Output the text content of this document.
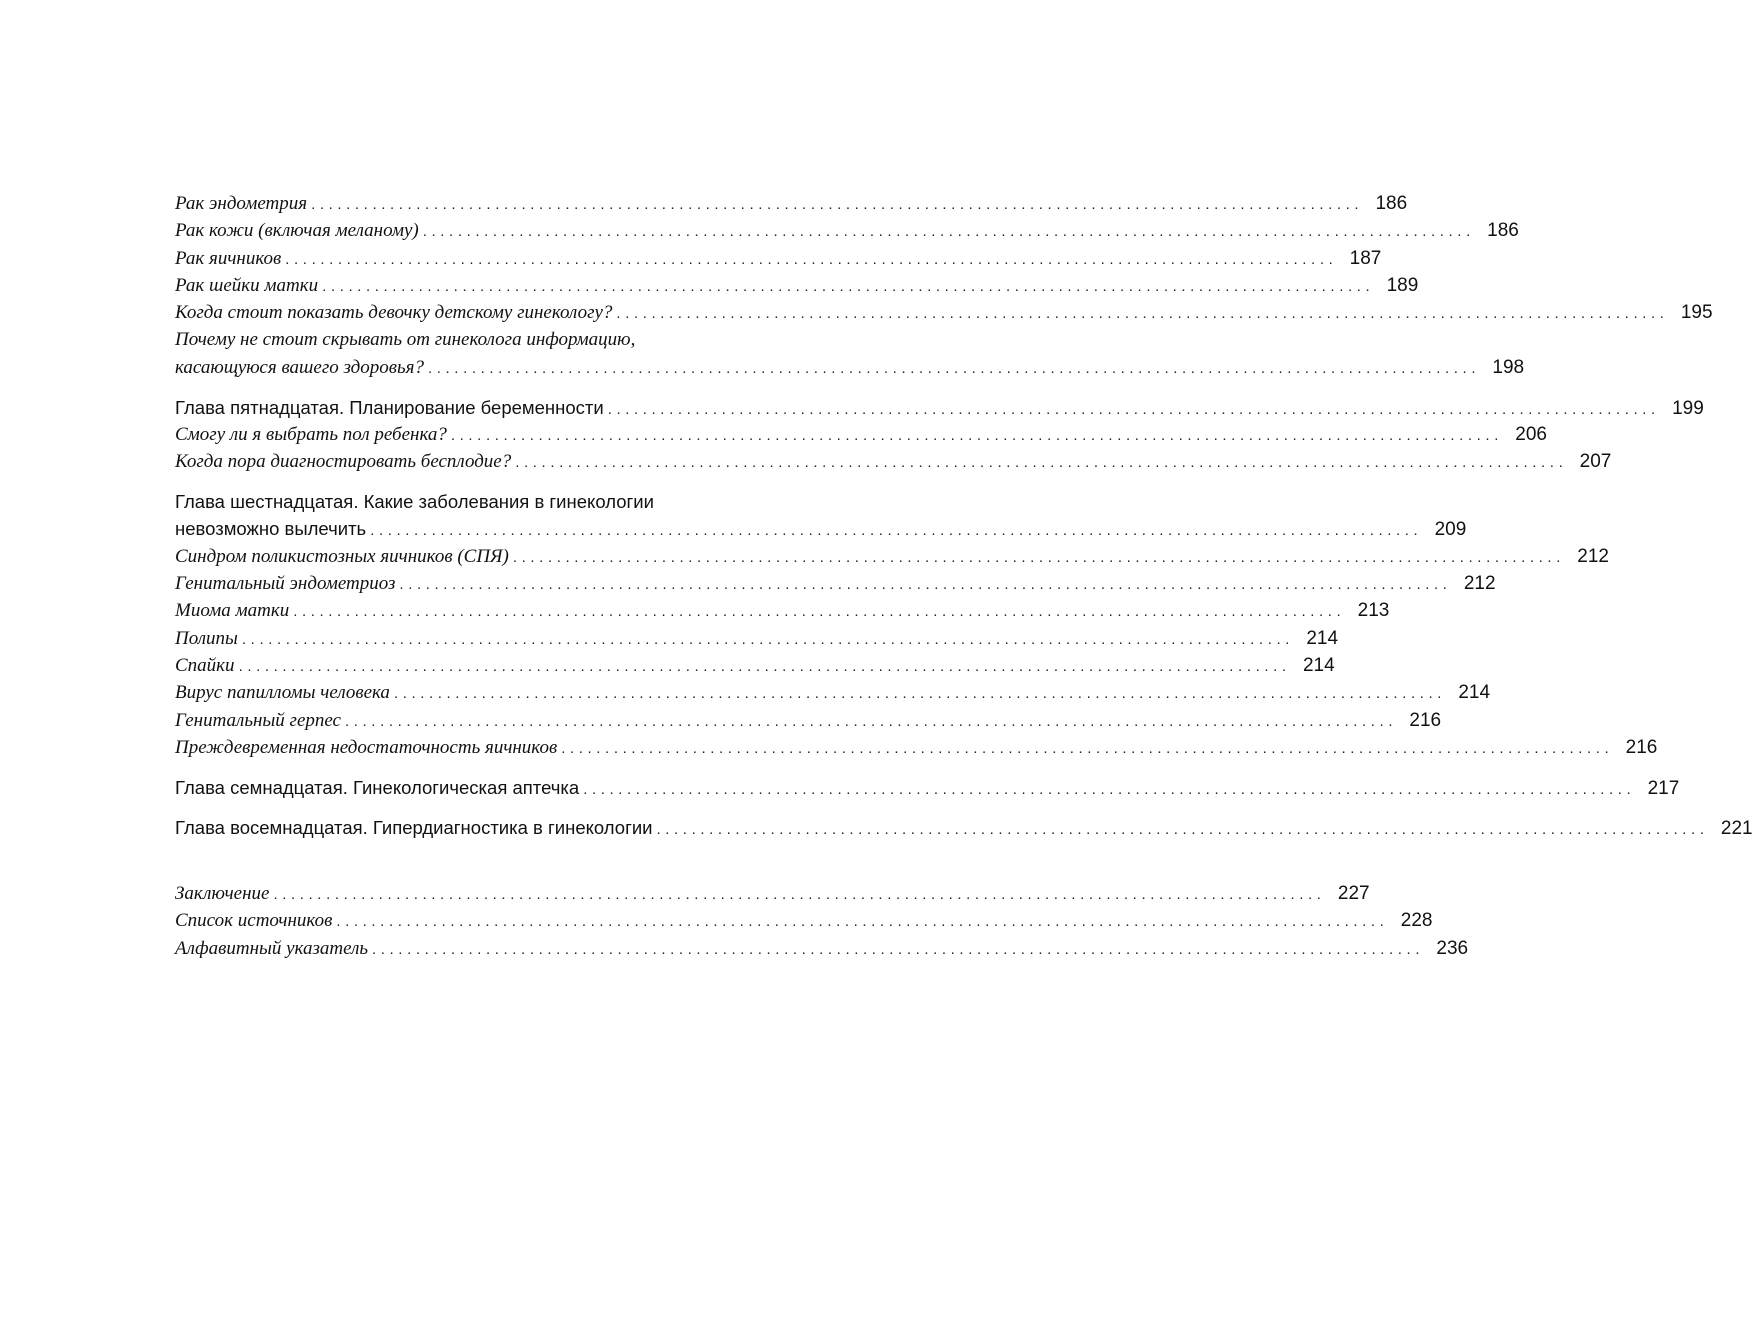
Рак эндометрия ........................................................................................................................ 186
Рак кожи (включая меланому) ........................................................................................................................ 186
Рак яичников ........................................................................................................................ 187
Рак шейки матки ........................................................................................................................ 189
Когда стоит показать девочку детскому гинекологу? ........................................................................................................................ 195
Почему не стоит скрывать от гинеколога информацию,
касающуюся вашего здоровья? ........................................................................................................................ 198
Глава пятнадцатая. Планирование беременности ........................................................................................................................ 199
Смогу ли я выбрать пол ребенка? ........................................................................................................................ 206
Когда пора диагностировать бесплодие? ........................................................................................................................ 207
Глава шестнадцатая. Какие заболевания в гинекологии
невозможно вылечить ........................................................................................................................ 209
Синдром поликистозных яичников (СПЯ) ........................................................................................................................ 212
Генитальный эндометриоз ........................................................................................................................ 212
Миома матки ........................................................................................................................ 213
Полипы ........................................................................................................................ 214
Спайки ........................................................................................................................ 214
Вирус папилломы человека ........................................................................................................................ 214
Генитальный герпес ........................................................................................................................ 216
Преждевременная недостаточность яичников ........................................................................................................................ 216
Глава семнадцатая. Гинекологическая аптечка ........................................................................................................................ 217
Глава восемнадцатая. Гипердиагностика в гинекологии ........................................................................................................................ 221
Заключение ........................................................................................................................ 227
Список источников ........................................................................................................................ 228
Алфавитный указатель ........................................................................................................................ 236
